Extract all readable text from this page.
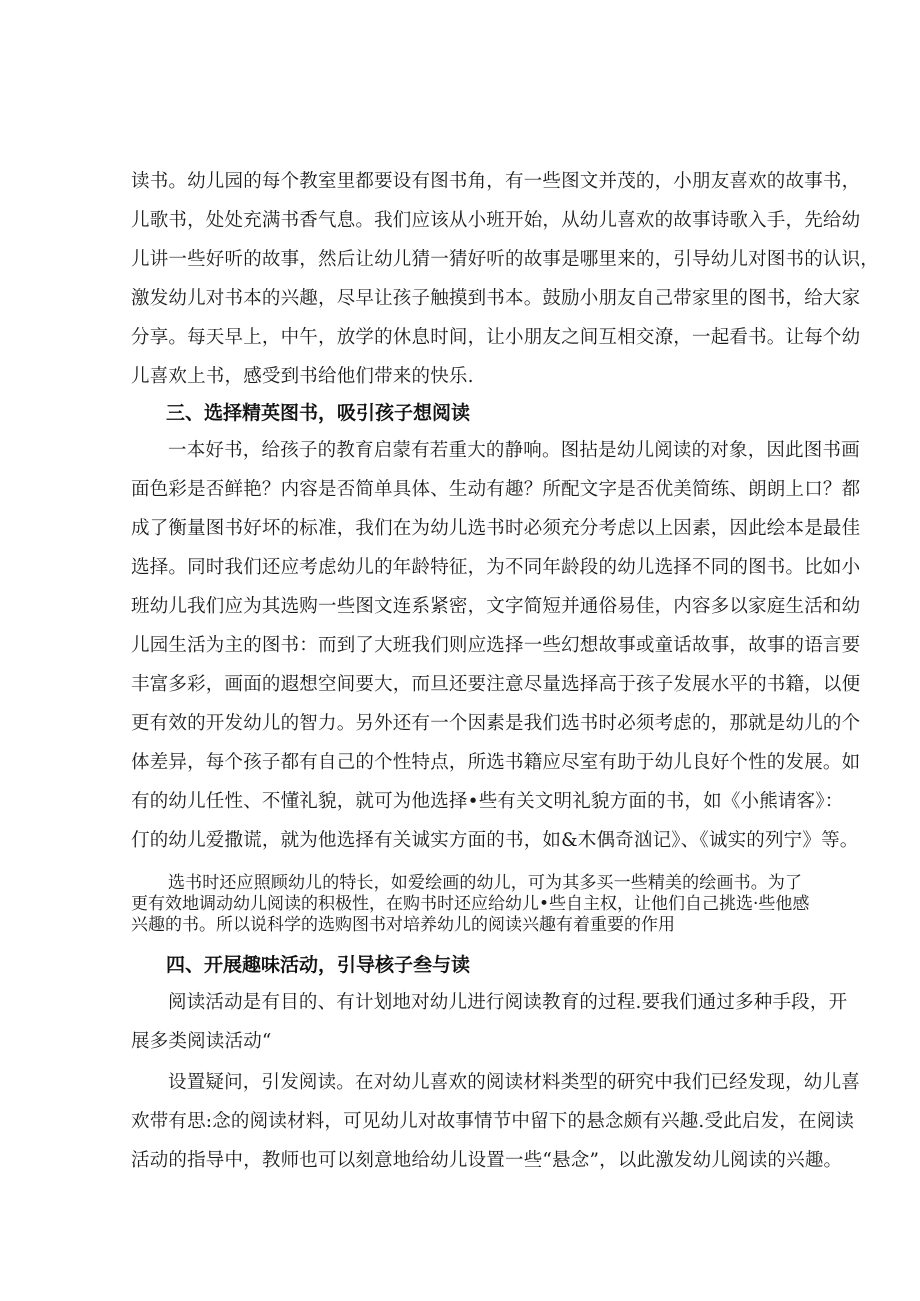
读书。幼儿园的每个教室里都要设有图书角，有一些图文并茂的，小朋友喜欢的故事书，
儿歌书，处处充满书香气息。我们应该从小班开始，从幼儿喜欢的故事诗歌入手，先给幼
儿讲一些好听的故事，然后让幼儿猜一猜好听的故事是哪里来的，引导幼儿对图书的认识，
激发幼儿对书本的兴趣，尽早让孩子触摸到书本。鼓励小朋友自己带家里的图书，给大家
分享。每天早上，中午，放学的休息时间，让小朋友之间互相交潦，一起看书。让每个幼
儿喜欢上书，感受到书给他们带来的快乐.
三、选择精英图书，吸引孩子想阅读
一本好书，给孩子的教育启蒙有若重大的静响。图拈是幼儿阅读的对象，因此图书画
面色彩是否鲜艳？内容是否简单具体、生动有趣？所配文字是否优美简练、朗朗上口？都
成了衡量图书好坏的标准，我们在为幼儿选书时必须充分考虑以上因素，因此绘本是最佳
选择。同时我们还应考虑幼儿的年龄特征，为不同年龄段的幼儿选择不同的图书。比如小
班幼儿我们应为其选购一些图文连系紧密，文字简短并通俗易佳，内容多以家庭生活和幼
儿园生活为主的图书：而到了大班我们则应选择一些幻想故事或童话故事，故事的语言要
丰富多彩，画面的遐想空间要大，而旦还要注意尽量选择高于孩子发展水平的书籍，以便
更有效的开发幼儿的智力。另外还有一个因素是我们选书时必须考虑的，那就是幼儿的个
体差异，每个孩子都有自己的个性特点，所选书籍应尽室有助于幼儿良好个性的发展。如
有的幼儿任性、不懂礼貌，就可为他选择•些有关文明礼貌方面的书，如《小熊请客》：
仃的幼儿爱撒谎，就为他选择有关诚实方面的书，如&木偶奇汹记》、《诚实的列宁》等。
选书时还应照顾幼儿的特长，如爱绘画的幼儿，可为其多买一些精美的绘画书。为了
更有效地调动幼儿阅读的积极性，在购书时还应给幼儿•些自主权，让他们自己挑选·些他感
兴趣的书。所以说科学的选购图书对培养幼儿的阅读兴趣有着重要的作用
四、开展趣味活动，引导核子叁与读
阅读活动是有目的、有计划地对幼儿进行阅读教育的过程.要我们通过多种手段，开
展多类阅读活动“
设置疑问，引发阅读。在对幼儿喜欢的阅读材料类型的研究中我们已经发现，幼儿喜
欢带有思:念的阅读材料，可见幼儿对故事情节中留下的悬念颇有兴趣.受此启发，在阅读
活动的指导中，教师也可以刻意地给幼儿设置一些“悬念”，以此激发幼儿阅读的兴趣。
